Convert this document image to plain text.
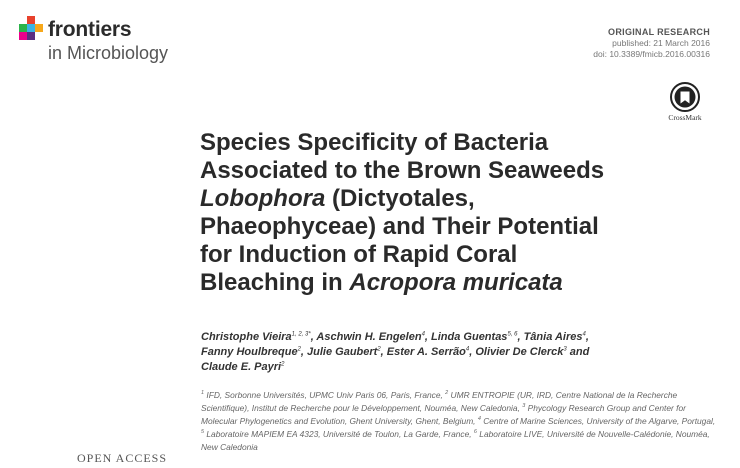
frontiers
in Microbiology
ORIGINAL RESEARCH
published: 21 March 2016
doi: 10.3389/fmicb.2016.00316
CrossMark
Species Specificity of Bacteria
Associated to the Brown Seaweeds
Lobophora (Dictyotales,
Phaeophyceae) and Their Potential
for Induction of Rapid Coral
Bleaching in Acropora muricata

Christophe Vieira$^{1, 2, 3*}$, Aschwin H. Engelen$^4$, Linda Guentas$^{5, 6}$, Tânia Aires$^4$,
Fanny Houlbreque$^2$, Julie Gaubert$^2$, Ester A. Serrão$^4$, Olivier De Clerck$^3$ and
Claude E. Payri$^2$

$^1$ IFD, Sorbonne Universités, UPMC Univ Paris 06, Paris, France, $^2$ UMR ENTROPIE (UR, IRD, Centre National de la Recherche Scientifique), Institut de Recherche pour le Développement, Nouméa, New Caledonia, $^3$ Phycology Research Group and Center for Molecular Phylogenetics and Evolution, Ghent University, Ghent, Belgium, $^4$ Centre of Marine Sciences, University of the Algarve, Portugal, $^5$ Laboratoire MAPIEM EA 4323, Université de Toulon, La Garde, France, $^6$ Laboratoire LIVE, Université de Nouvelle-Calédonie, Nouméa, New Caledonia

OPEN ACCESS
